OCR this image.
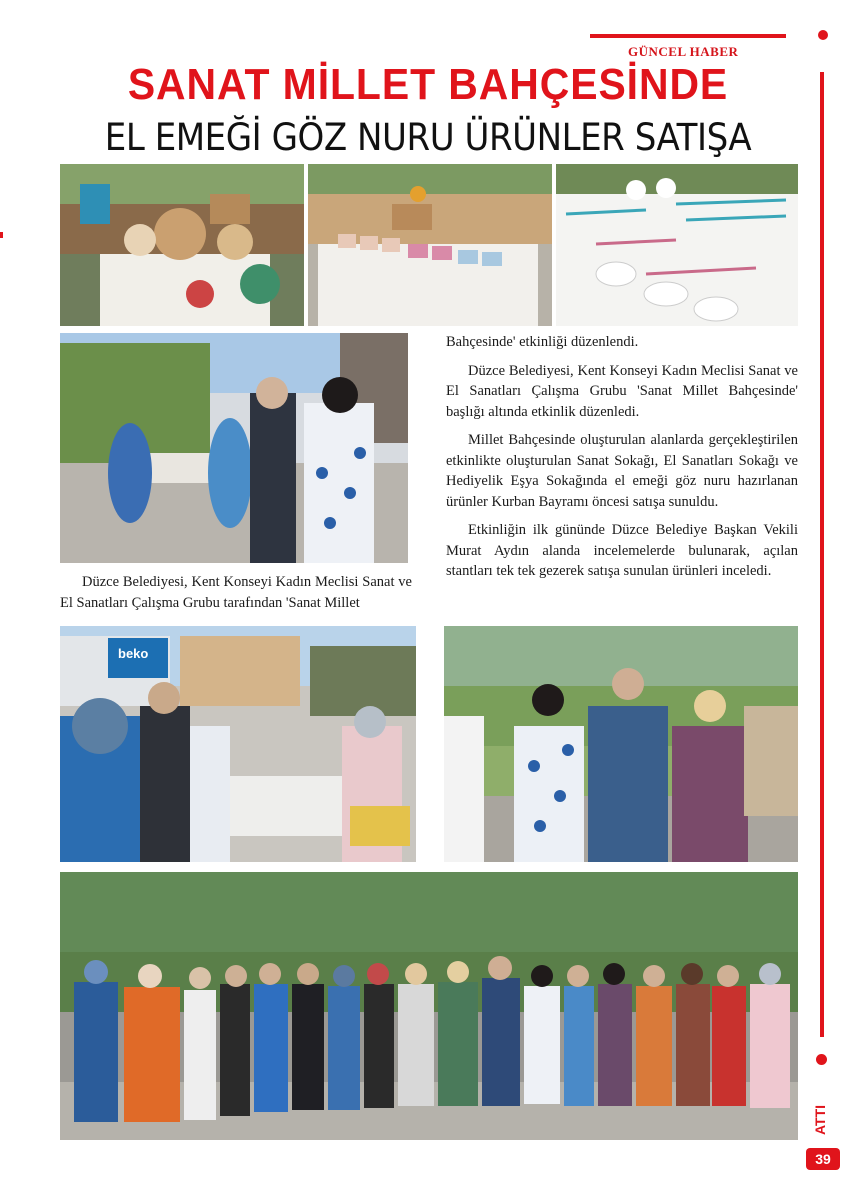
GÜNCEL HABER
SANAT MİLLET BAHÇESİNDE
EL EMEĞİ GÖZ NURU ÜRÜNLER SATIŞA

Düzce Belediyesi, Kent Konseyi Kadın Meclisi Sanat ve El Sanatları Çalışma Grubu tarafından 'Sanat Millet

Bahçesinde' etkinliği düzenlendi.

Düzce Belediyesi, Kent Konseyi Kadın Meclisi Sanat ve El Sanatları Çalışma Grubu 'Sanat Millet Bahçesinde' başlığı altında etkinlik düzenledi.

Millet Bahçesinde oluşturulan alanlarda gerçekleştirilen etkinlikte oluşturulan Sanat Sokağı, El Sanatları Sokağı ve Hediyelik Eşya Sokağında el emeği göz nuru hazırlanan ürünler Kurban Bayramı öncesi satışa sunuldu.

Etkinliğin ilk gününde Düzce Belediye Başkan Vekili Murat Aydın alanda incelemelerde bulunarak, açılan stantları tek tek gezerek satışa sunulan ürünleri inceledi.

beko
ATTI
39
